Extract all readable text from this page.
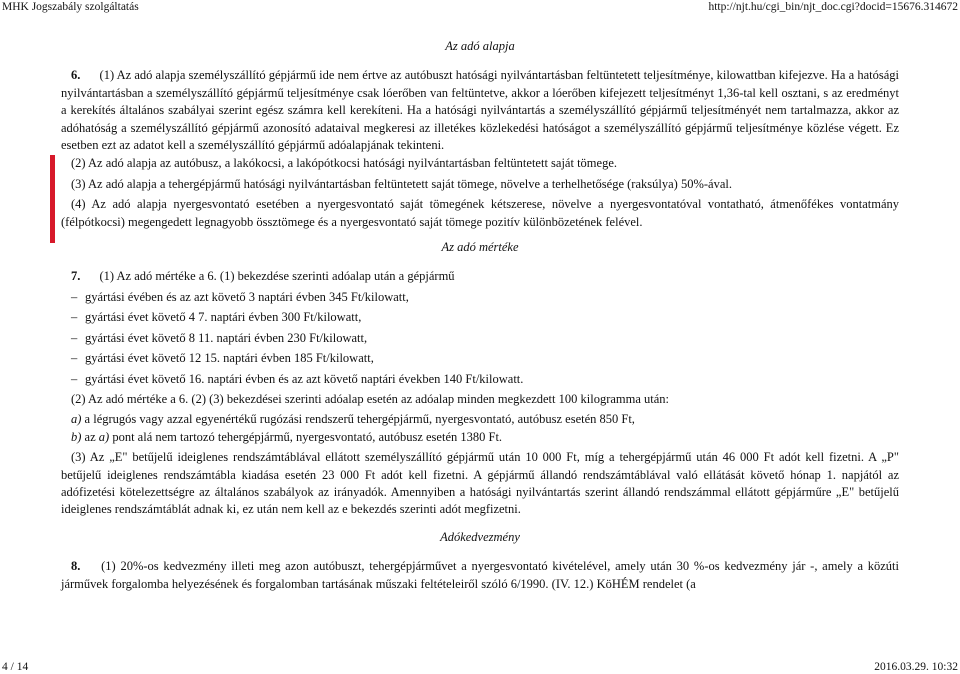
MHK Jogszabály szolgáltatás	http://njt.hu/cgi_bin/njt_doc.cgi?docid=15676.314672

Az adó alapja

6. (1) Az adó alapja személyszállító gépjármű ide nem értve az autóbuszt hatósági nyilvántartásban feltüntetett teljesítménye, kilowattban kifejezve. Ha a hatósági nyilvántartásban a személyszállító gépjármű teljesítménye csak lóerőben van feltüntetve, akkor a lóerőben kifejezett teljesítményt 1,36-tal kell osztani, s az eredményt a kerekítés általános szabályai szerint egész számra kell kerekíteni. Ha a hatósági nyilvántartás a személyszállító gépjármű teljesítményét nem tartalmazza, akkor az adóhatóság a személyszállító gépjármű azonosító adataival megkeresi az illetékes közlekedési hatóságot a személyszállító gépjármű teljesítménye közlése végett. Ez esetben ezt az adatot kell a személyszállító gépjármű adóalapjának tekinteni.

(2) Az adó alapja az autóbusz, a lakókocsi, a lakópótkocsi hatósági nyilvántartásban feltüntetett saját tömege.

(3) Az adó alapja a tehergépjármű hatósági nyilvántartásban feltüntetett saját tömege, növelve a terhelhetősége (raksúlya) 50%-ával.

(4) Az adó alapja nyergesvontató esetében a nyergesvontató saját tömegének kétszerese, növelve a nyergesvontatóval vontatható, átmenőfékes vontatmány (félpótkocsi) megengedett legnagyobb össztömege és a nyergesvontató saját tömege pozitív különbözetének felével.

Az adó mértéke

7. (1) Az adó mértéke a 6. (1) bekezdése szerinti adóalap után a gépjármű

– gyártási évében és az azt követő 3 naptári évben 345 Ft/kilowatt,

– gyártási évet követő 4 7. naptári évben 300 Ft/kilowatt,

– gyártási évet követő 8 11. naptári évben 230 Ft/kilowatt,

– gyártási évet követő 12 15. naptári évben 185 Ft/kilowatt,

– gyártási évet követő 16. naptári évben és az azt követő naptári években 140 Ft/kilowatt.

(2) Az adó mértéke a 6. (2) (3) bekezdései szerinti adóalap esetén az adóalap minden megkezdett 100 kilogramma után:

a) a légrugós vagy azzal egyenértékű rugózási rendszerű tehergépjármű, nyergesvontató, autóbusz esetén 850 Ft,

b) az a) pont alá nem tartozó tehergépjármű, nyergesvontató, autóbusz esetén 1380 Ft.

(3) Az „E" betűjelű ideiglenes rendszámtáblával ellátott személyszállító gépjármű után 10 000 Ft, míg a tehergépjármű után 46 000 Ft adót kell fizetni. A „P" betűjelű ideiglenes rendszámtábla kiadása esetén 23 000 Ft adót kell fizetni. A gépjármű állandó rendszámtáblával való ellátását követő hónap 1. napjától az adófizetési kötelezettségre az általános szabályok az irányadók. Amennyiben a hatósági nyilvántartás szerint állandó rendszámmal ellátott gépjárműre „E" betűjelű ideiglenes rendszámtáblát adnak ki, ez után nem kell az e bekezdés szerinti adót megfizetni.

Adókedvezmény

8. (1) 20%-os kedvezmény illeti meg azon autóbuszt, tehergépjárművet a nyergesvontató kivételével, amely után 30 %-os kedvezmény jár -, amely a közúti járművek forgalomba helyezésének és forgalomban tartásának műszaki feltételeiről szóló 6/1990. (IV. 12.) KöHÉM rendelet (a

4 / 14	2016.03.29. 10:32
